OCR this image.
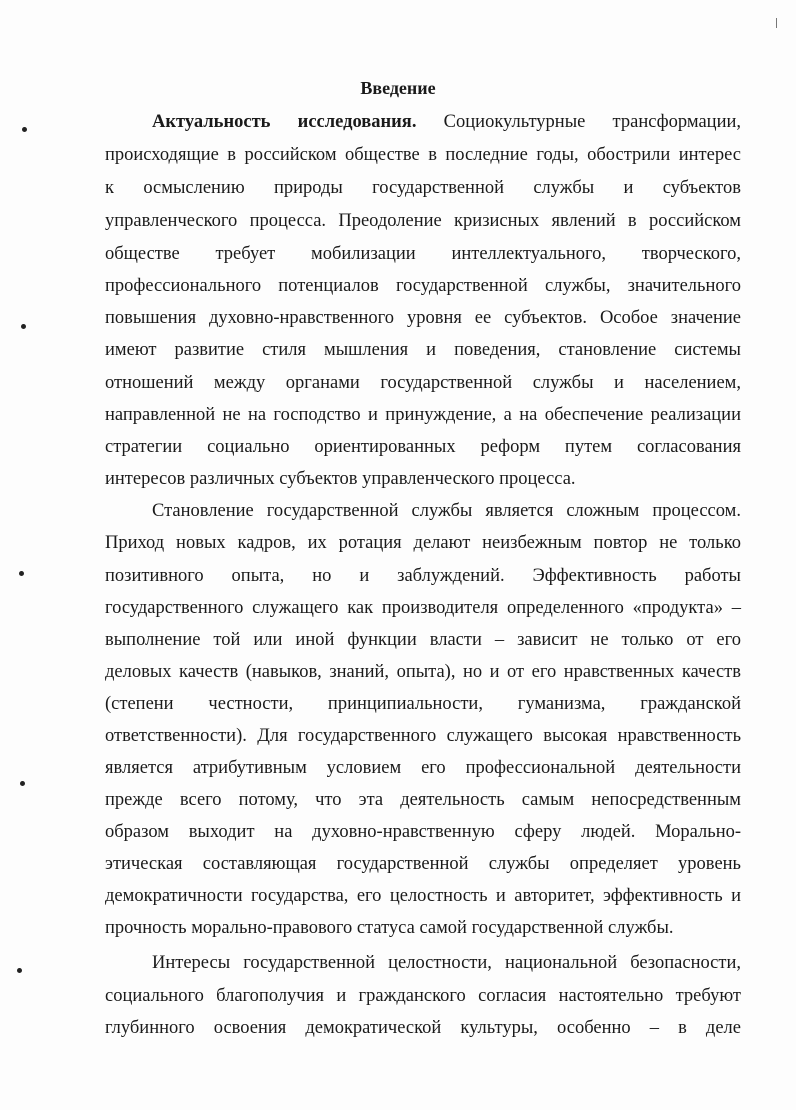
Введение
Актуальность исследования. Социокультурные трансформации,
происходящие в российском обществе в последние годы, обострили интерес
к осмыслению природы государственной службы и субъектов
управленческого процесса. Преодоление кризисных явлений в российском
обществе требует мобилизации интеллектуального, творческого,
профессионального потенциалов государственной службы, значительного
повышения духовно-нравственного уровня ее субъектов. Особое значение
имеют развитие стиля мышления и поведения, становление системы
отношений между органами государственной службы и населением,
направленной не на господство и принуждение, а на обеспечение реализации
стратегии социально ориентированных реформ путем согласования
интересов различных субъектов управленческого процесса.
Становление государственной службы является сложным процессом.
Приход новых кадров, их ротация делают неизбежным повтор не только
позитивного опыта, но и заблуждений. Эффективность работы
государственного служащего как производителя определенного «продукта» –
выполнение той или иной функции власти – зависит не только от его
деловых качеств (навыков, знаний, опыта), но и от его нравственных качеств
(степени честности, принципиальности, гуманизма, гражданской
ответственности). Для государственного служащего высокая нравственность
является атрибутивным условием его профессиональной деятельности
прежде всего потому, что эта деятельность самым непосредственным
образом выходит на духовно-нравственную сферу людей. Морально-
этическая составляющая государственной службы определяет уровень
демократичности государства, его целостность и авторитет, эффективность и
прочность морально-правового статуса самой государственной службы.
Интересы государственной целостности, национальной безопасности,
социального благополучия и гражданского согласия настоятельно требуют
глубинного освоения демократической культуры, особенно – в деле
